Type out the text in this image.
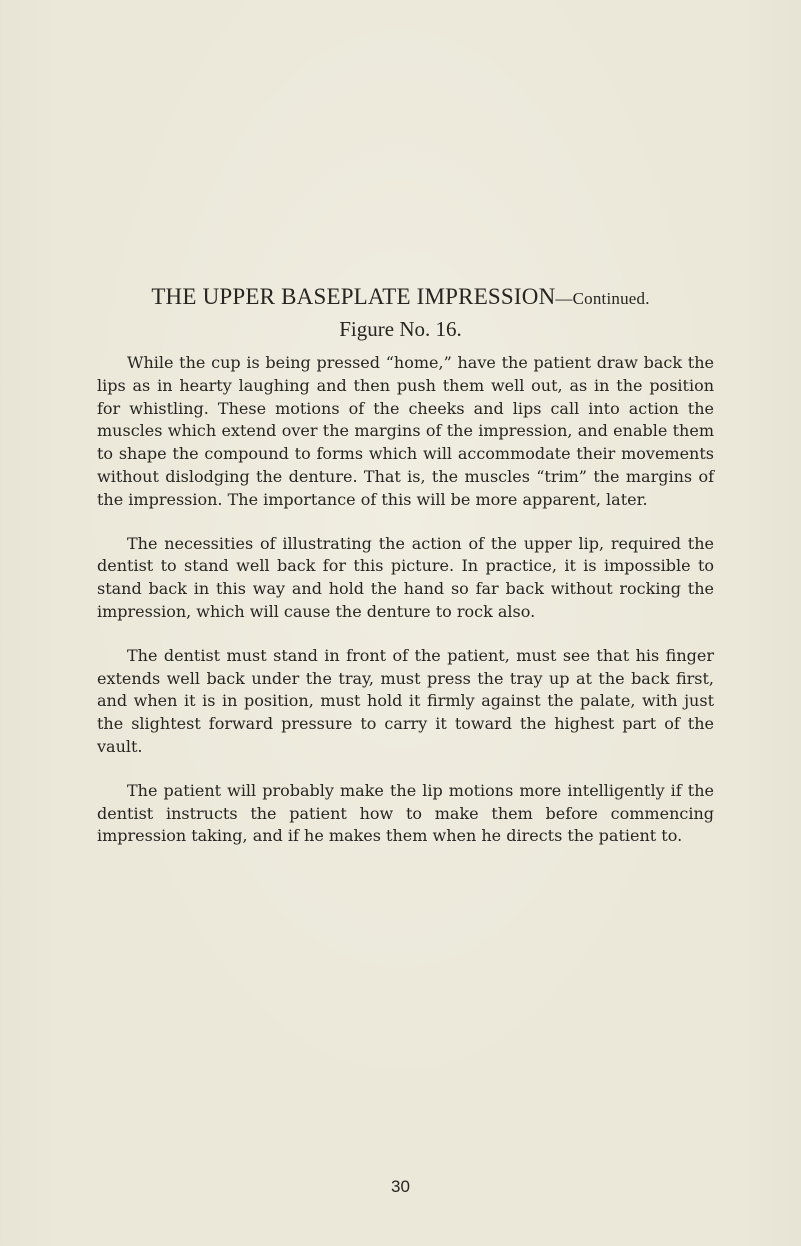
THE UPPER BASEPLATE IMPRESSION—Continued.
Figure No. 16.

While the cup is being pressed “home,” have the patient draw back the lips as in hearty laughing and then push them well out, as in the position for whistling. These motions of the cheeks and lips call into action the muscles which extend over the margins of the impression, and enable them to shape the compound to forms which will accommodate their movements without dislodging the denture. That is, the muscles “trim” the margins of the impression. The importance of this will be more apparent, later.

The necessities of illustrating the action of the upper lip, required the dentist to stand well back for this picture. In practice, it is impossible to stand back in this way and hold the hand so far back without rocking the impression, which will cause the denture to rock also.

The dentist must stand in front of the patient, must see that his finger extends well back under the tray, must press the tray up at the back first, and when it is in position, must hold it firmly against the palate, with just the slightest forward pressure to carry it toward the highest part of the vault.

The patient will probably make the lip motions more intelligently if the dentist instructs the patient how to make them before commencing impression taking, and if he makes them when he directs the patient to.

30
